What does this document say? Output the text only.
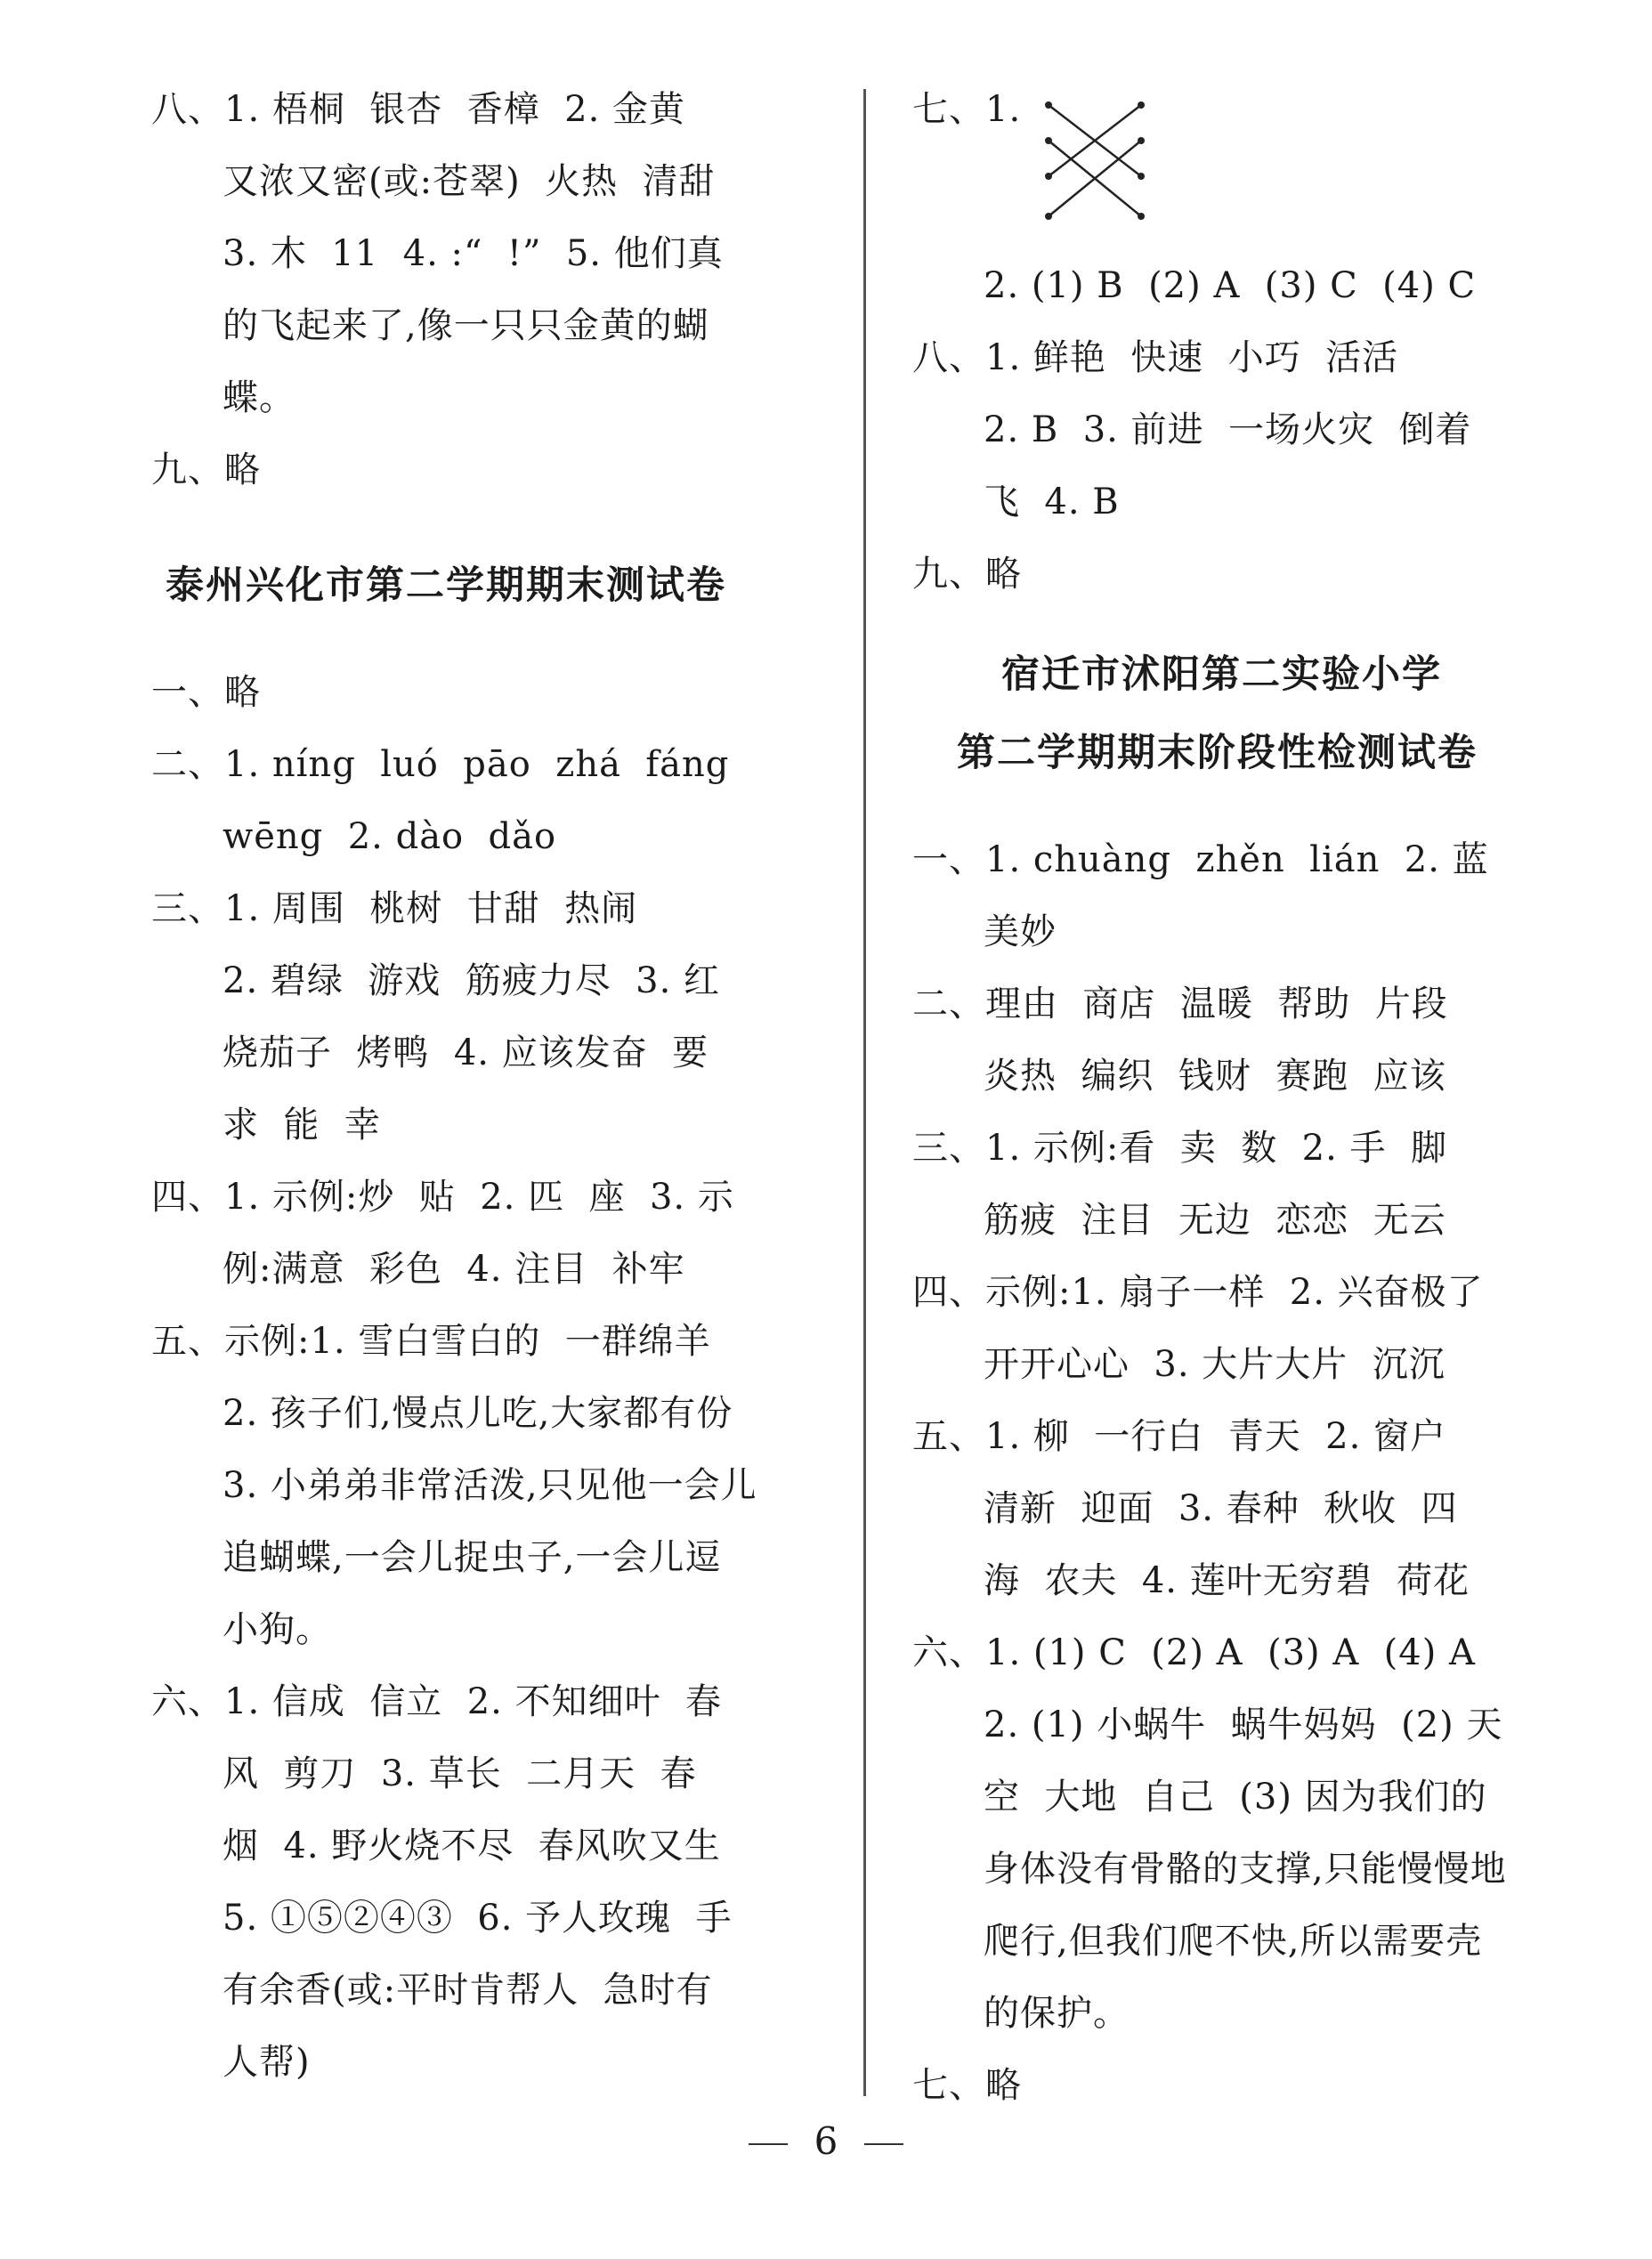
八、1. 梧桐  银杏  香樟  2. 金黄
又浓又密(或:苍翠)  火热  清甜
3. 木  11  4. :“  !”  5. 他们真
的飞起来了,像一只只金黄的蝴
蝶。
九、略
泰州兴化市第二学期期末测试卷
一、略
二、1. níng  luó  pāo  zhá  fáng
wēng  2. dào  dǎo
三、1. 周围  桃树  甘甜  热闹
2. 碧绿  游戏  筋疲力尽  3. 红
烧茄子  烤鸭  4. 应该发奋  要
求  能  幸
四、1. 示例:炒  贴  2. 匹  座  3. 示
例:满意  彩色  4. 注目  补牢
五、示例:1. 雪白雪白的  一群绵羊
2. 孩子们,慢点儿吃,大家都有份
3. 小弟弟非常活泼,只见他一会儿
追蝴蝶,一会儿捉虫子,一会儿逗
小狗。
六、1. 信成  信立  2. 不知细叶  春
风  剪刀  3. 草长  二月天  春
烟  4. 野火烧不尽  春风吹又生
5. ①⑤②④③  6. 予人玫瑰  手
有余香(或:平时肯帮人  急时有
人帮)
七、1.
2. (1) B  (2) A  (3) C  (4) C
八、1. 鲜艳  快速  小巧  活活
2. B  3. 前进  一场火灾  倒着
飞  4. B
九、略
宿迁市沭阳第二实验小学
第二学期期末阶段性检测试卷
一、1. chuàng  zhěn  lián  2. 蓝
美妙
二、理由  商店  温暖  帮助  片段
炎热  编织  钱财  赛跑  应该
三、1. 示例:看  卖  数  2. 手  脚
筋疲  注目  无边  恋恋  无云
四、示例:1. 扇子一样  2. 兴奋极了
开开心心  3. 大片大片  沉沉
五、1. 柳  一行白  青天  2. 窗户
清新  迎面  3. 春种  秋收  四
海  农夫  4. 莲叶无穷碧  荷花
六、1. (1) C  (2) A  (3) A  (4) A
2. (1) 小蜗牛  蜗牛妈妈  (2) 天
空  大地  自己  (3) 因为我们的
身体没有骨骼的支撑,只能慢慢地
爬行,但我们爬不快,所以需要壳
的保护。
七、略
6
